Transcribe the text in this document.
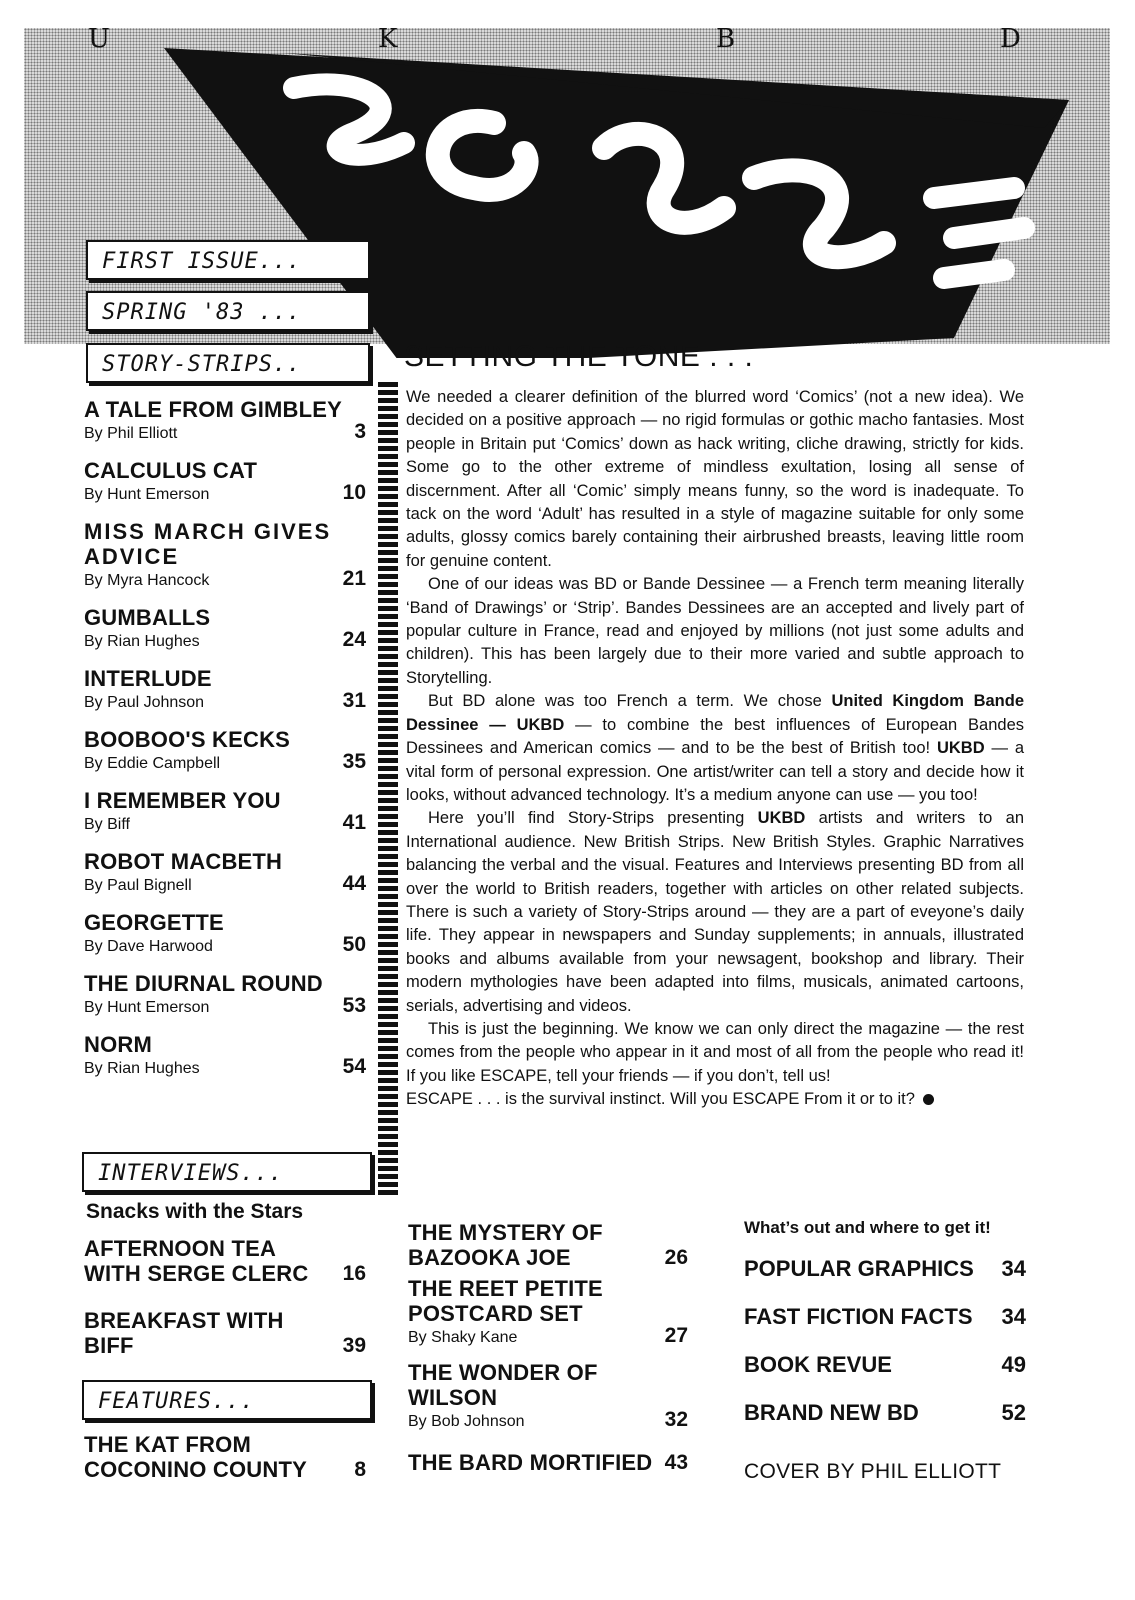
U	K	B	D
FIRST ISSUE...
SPRING '83 ...
STORY-STRIPS..
A TALE FROM GIMBLEY
By Phil Elliott	3
CALCULUS CAT
By Hunt Emerson	10
MISS MARCH GIVES ADVICE
By Myra Hancock	21
GUMBALLS
By Rian Hughes	24
INTERLUDE
By Paul Johnson	31
BOOBOO'S KECKS
By Eddie Campbell	35
I REMEMBER YOU
By Biff	41
ROBOT MACBETH
By Paul Bignell	44
GEORGETTE
By Dave Harwood	50
THE DIURNAL ROUND
By Hunt Emerson	53
NORM
By Rian Hughes	54
INTERVIEWS...
Snacks with the Stars
AFTERNOON TEA WITH SERGE CLERC	16
BREAKFAST WITH BIFF	39
FEATURES...
THE KAT FROM COCONINO COUNTY	8
SETTING THE TONE . . .

We needed a clearer definition of the blurred word ‘Comics’ (not a new idea). We decided on a positive approach — no rigid formulas or gothic macho fantasies. Most people in Britain put ‘Comics’ down as hack writing, cliche drawing, strictly for kids. Some go to the other extreme of mindless exultation, losing all sense of discernment. After all ‘Comic’ simply means funny, so the word is inadequate. To tack on the word ‘Adult’ has resulted in a style of magazine suitable for only some adults, glossy comics barely containing their airbrushed breasts, leaving little room for genuine content.

One of our ideas was BD or Bande Dessinee — a French term meaning literally ‘Band of Drawings’ or ‘Strip’. Bandes Dessinees are an accepted and lively part of popular culture in France, read and enjoyed by millions (not just some adults and children). This has been largely due to their more varied and subtle approach to Storytelling.

But BD alone was too French a term. We chose United Kingdom Bande Dessinee — UKBD — to combine the best influences of European Bandes Dessinees and American comics — and to be the best of British too! UKBD — a vital form of personal expression. One artist/writer can tell a story and decide how it looks, without advanced technology. It’s a medium anyone can use — you too!

Here you’ll find Story-Strips presenting UKBD artists and writers to an International audience. New British Strips. New British Styles. Graphic Narratives balancing the verbal and the visual. Features and Interviews presenting BD from all over the world to British readers, together with articles on other related subjects. There is such a variety of Story-Strips around — they are a part of eveyone’s daily life. They appear in newspapers and Sunday supplements; in annuals, illustrated books and albums available from your newsagent, bookshop and library. Their modern mythologies have been adapted into films, musicals, animated cartoons, serials, advertising and videos.

This is just the beginning. We know we can only direct the magazine — the rest comes from the people who appear in it and most of all from the people who read it! If you like ESCAPE, tell your friends — if you don’t, tell us!

ESCAPE . . . is the survival instinct. Will you ESCAPE From it or to it?

THE MYSTERY OF BAZOOKA JOE	26
THE REET PETITE POSTCARD SET
By Shaky Kane	27
THE WONDER OF WILSON
By Bob Johnson	32
THE BARD MORTIFIED 43
What’s out and where to get it!
POPULAR GRAPHICS 34
FAST FICTION FACTS 34
BOOK REVUE	49
BRAND NEW BD	52
COVER BY PHIL ELLIOTT
